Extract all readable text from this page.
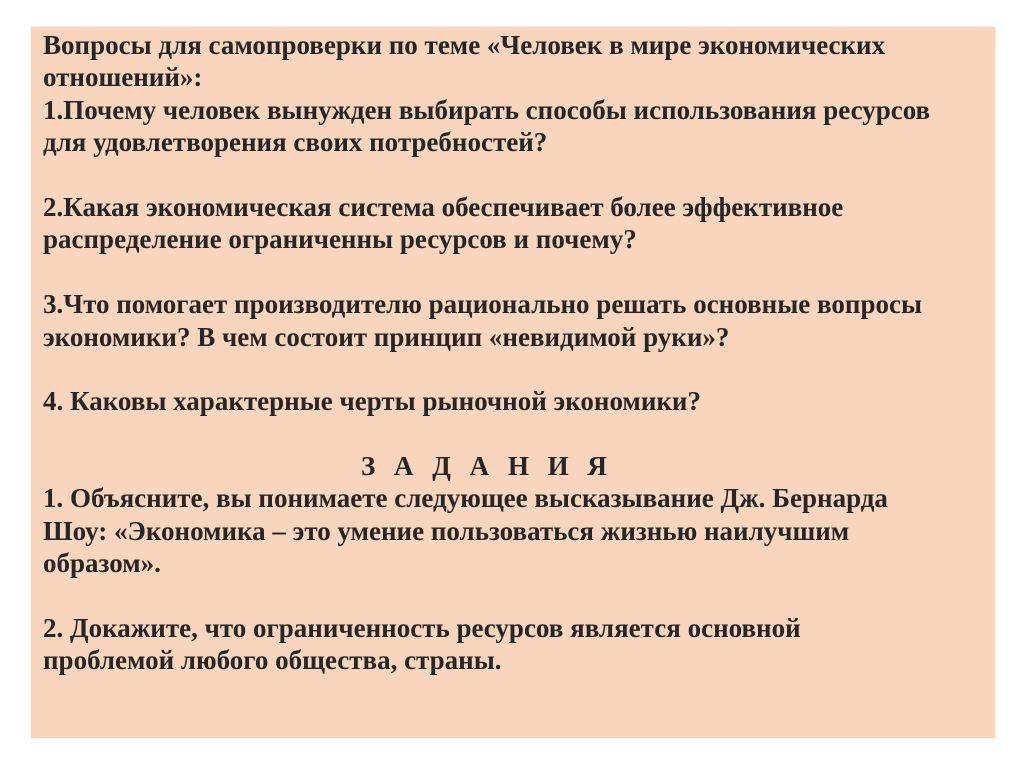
Вопросы для самопроверки по теме «Человек в мире экономических
отношений»:
1.Почему человек вынужден выбирать способы использования ресурсов
для удовлетворения своих потребностей?
2.Какая экономическая система обеспечивает более эффективное
распределение ограниченны ресурсов и почему?
3.Что помогает производителю рационально решать основные вопросы
экономики? В чем состоит принцип «невидимой руки»?
4. Каковы характерные черты рыночной экономики?
З А Д А Н И Я
1. Объясните, вы понимаете следующее высказывание Дж. Бернарда
Шоу: «Экономика – это умение пользоваться жизнью наилучшим
образом».
2. Докажите, что ограниченность ресурсов является основной
проблемой любого общества, страны.
